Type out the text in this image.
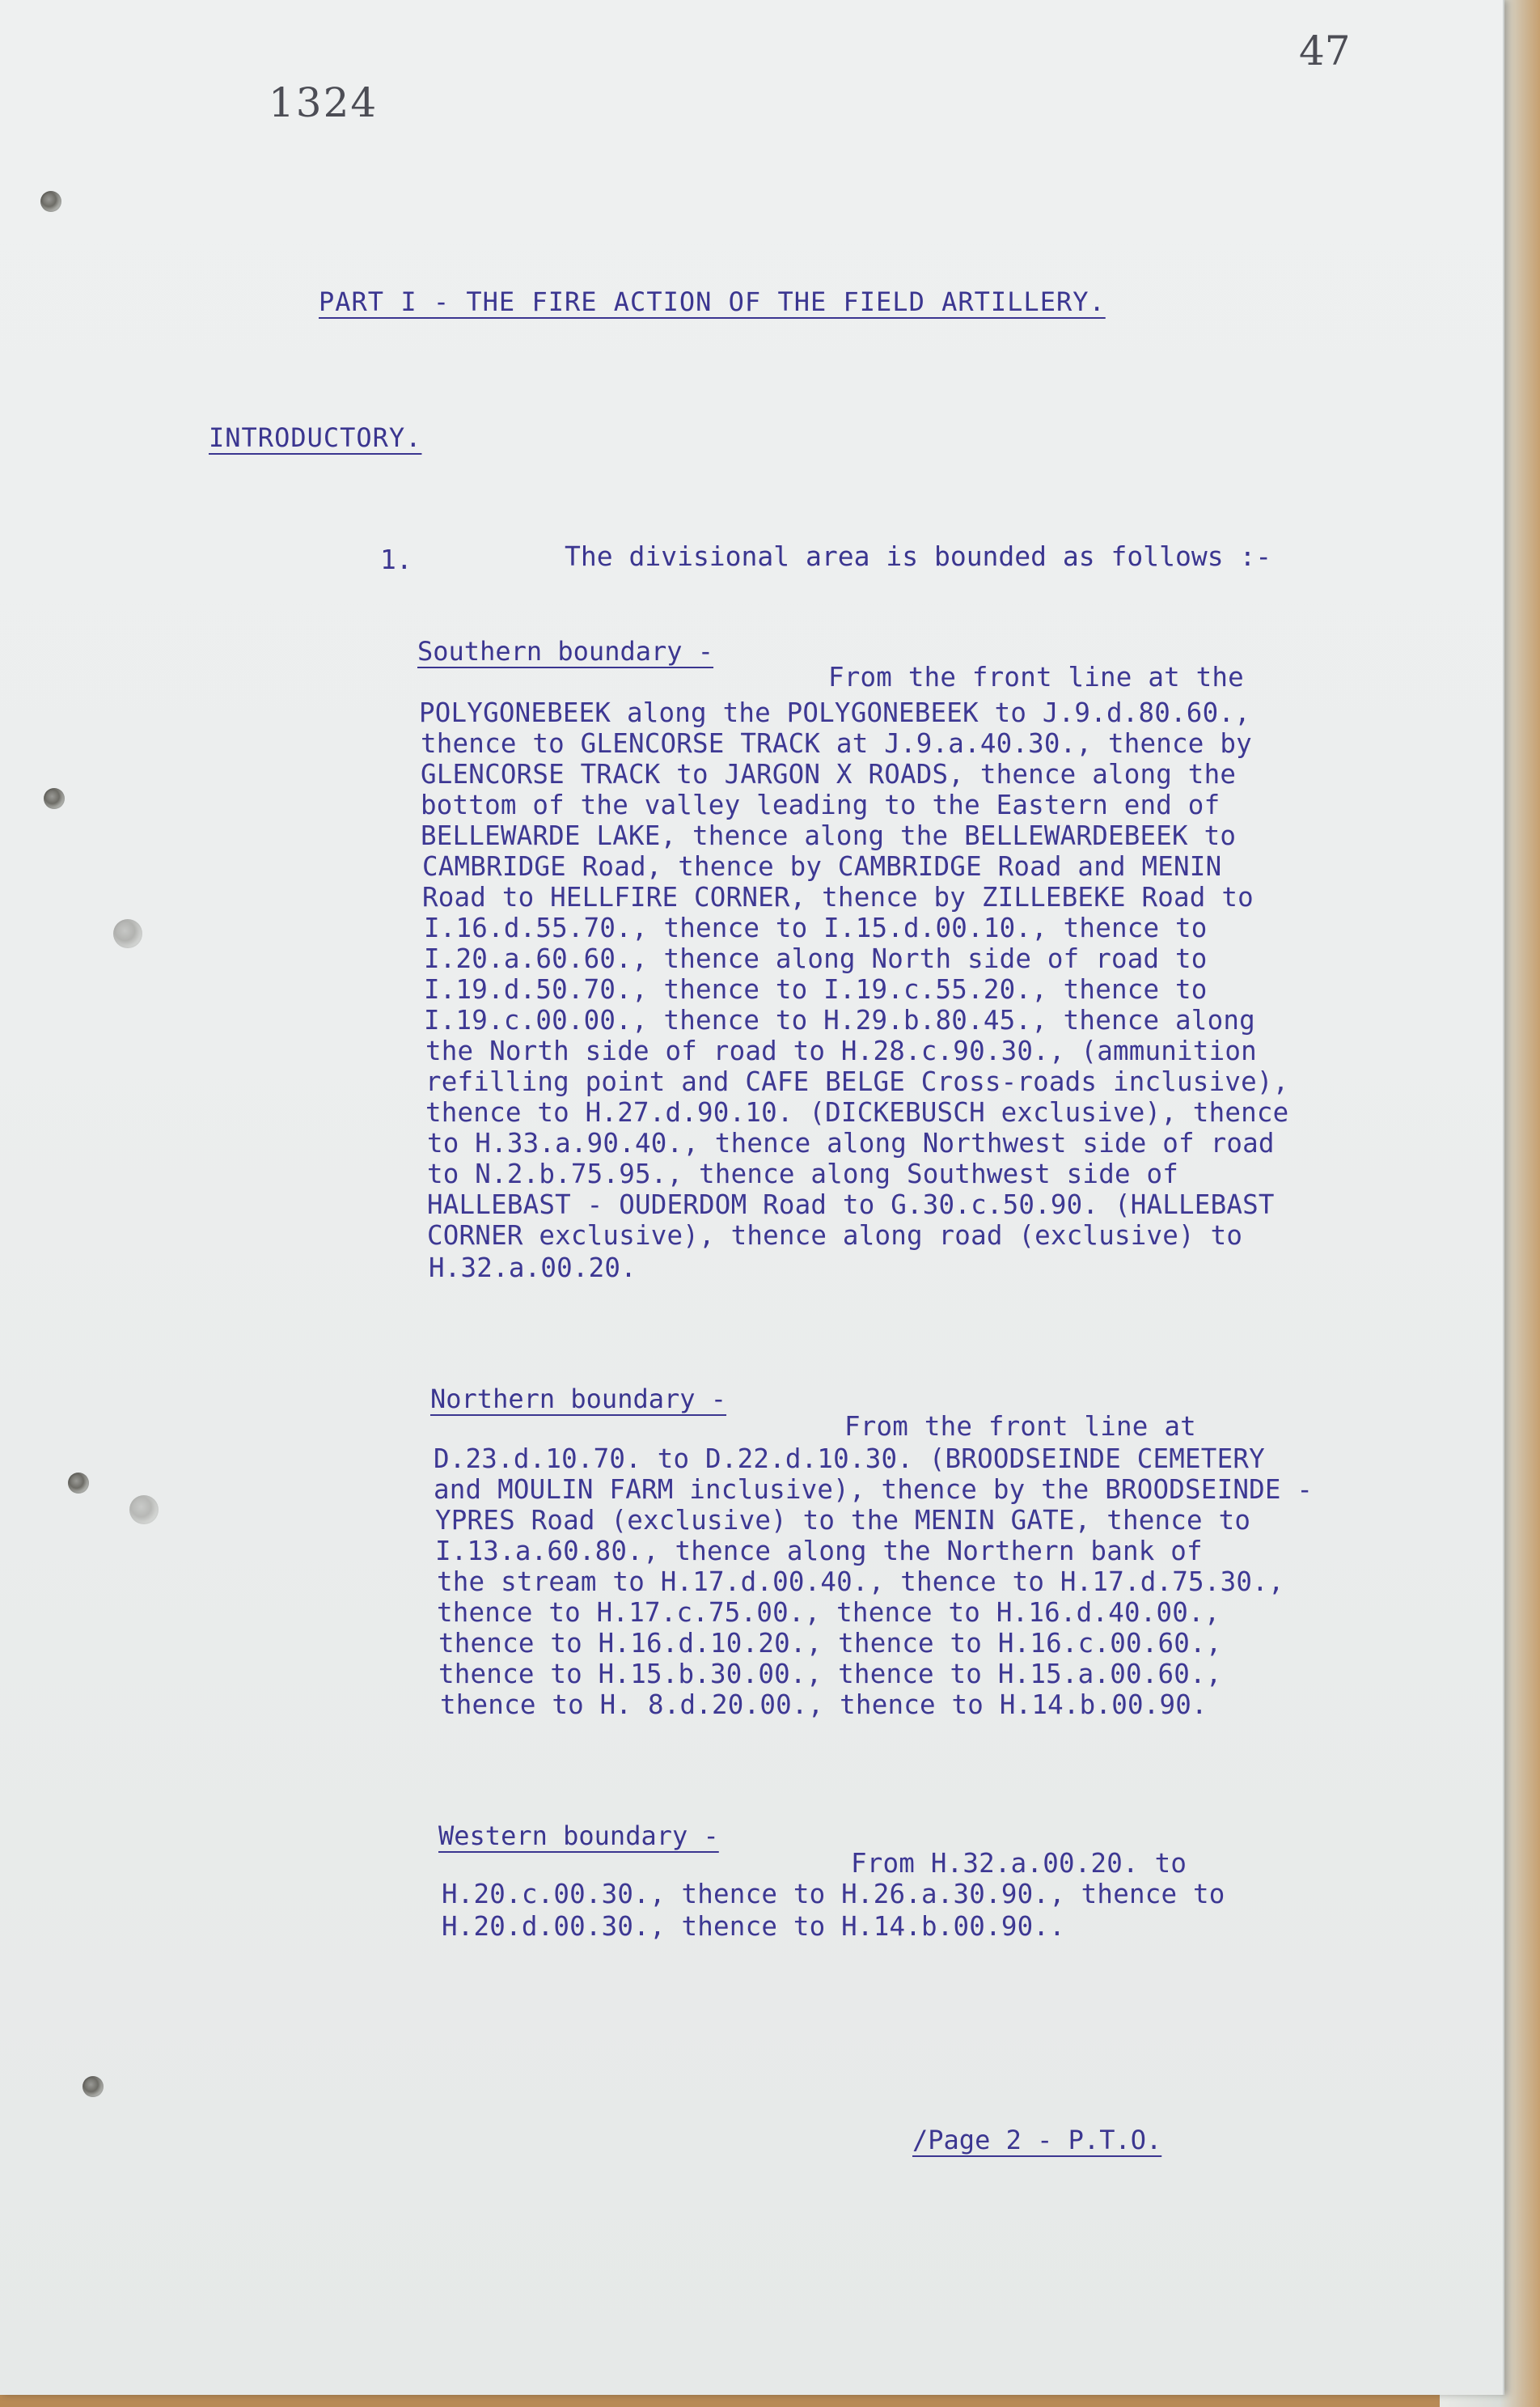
47
1324
PART I - THE FIRE ACTION OF THE FIELD ARTILLERY.
INTRODUCTORY.
1.	The divisional area is bounded as follows :-
Southern boundary -
From the front line at the
POLYGONEBEEK along the POLYGONEBEEK to J.9.d.80.60.,
thence to GLENCORSE TRACK at J.9.a.40.30., thence by
GLENCORSE TRACK to JARGON X ROADS, thence along the
bottom of the valley leading to the Eastern end of
BELLEWARDE LAKE, thence along the BELLEWARDEBEEK to
CAMBRIDGE Road, thence by CAMBRIDGE Road and MENIN
Road to HELLFIRE CORNER, thence by ZILLEBEKE Road to
I.16.d.55.70., thence to I.15.d.00.10., thence to
I.20.a.60.60., thence along North side of road to
I.19.d.50.70., thence to I.19.c.55.20., thence to
I.19.c.00.00., thence to H.29.b.80.45., thence along
the North side of road to H.28.c.90.30., (ammunition
refilling point and CAFE BELGE Cross-roads inclusive),
thence to H.27.d.90.10. (DICKEBUSCH exclusive), thence
to H.33.a.90.40., thence along Northwest side of road
to N.2.b.75.95., thence along Southwest side of
HALLEBAST - OUDERDOM Road to G.30.c.50.90. (HALLEBAST
CORNER exclusive), thence along road (exclusive) to
H.32.a.00.20.
Northern boundary -
From the front line at
D.23.d.10.70. to D.22.d.10.30. (BROODSEINDE CEMETERY
and MOULIN FARM inclusive), thence by the BROODSEINDE -
YPRES Road (exclusive) to the MENIN GATE, thence to
I.13.a.60.80., thence along the Northern bank of
the stream to H.17.d.00.40., thence to H.17.d.75.30.,
thence to H.17.c.75.00., thence to H.16.d.40.00.,
thence to H.16.d.10.20., thence to H.16.c.00.60.,
thence to H.15.b.30.00., thence to H.15.a.00.60.,
thence to H. 8.d.20.00., thence to H.14.b.00.90.
Western boundary -
From H.32.a.00.20. to
H.20.c.00.30., thence to H.26.a.30.90., thence to
H.20.d.00.30., thence to H.14.b.00.90..
/Page 2 - P.T.O.
